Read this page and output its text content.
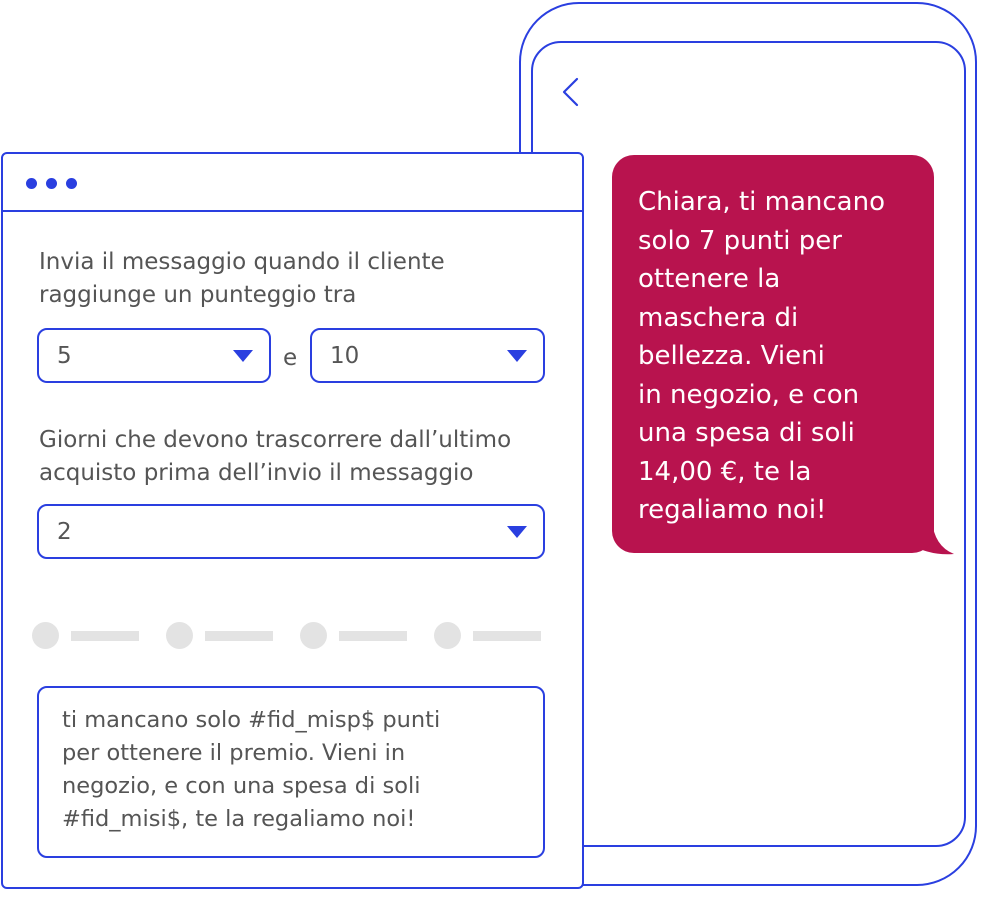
Chiara, ti mancano
solo 7 punti per
ottenere la
maschera di
bellezza. Vieni
in negozio, e con
una spesa di soli
14,00 €, te la
regaliamo noi!
Invia il messaggio quando il cliente
raggiunge un punteggio tra
5	e 10
Giorni che devono trascorrere dall’ultimo
acquisto prima dell’invio il messaggio
2
ti mancano solo #fid_misp$ punti
per ottenere il premio. Vieni in
negozio, e con una spesa di soli
#fid_misi$, te la regaliamo noi!
